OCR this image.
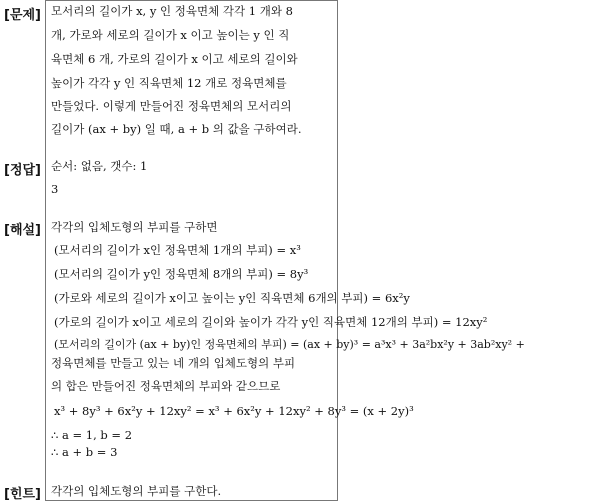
[문제]
[정답]
[해설]
[힌트]
모서리의 길이가 x, y 인 정육면체 각각 1 개와 8
개, 가로와 세로의 길이가 x 이고 높이는 y 인 직
육면체 6 개, 가로의 길이가 x 이고 세로의 길이와
높이가 각각 y 인 직육면체 12 개로 정육면체를
만들었다. 이렇게 만들어진 정육면체의 모서리의
길이가 (ax + by) 일 때, a + b 의 값을 구하여라.
순서: 없음, 갯수: 1
3
각각의 입체도형의 부피를 구하면
(모서리의 길이가 x인 정육면체 1개의 부피) = x³
(모서리의 길이가 y인 정육면체 8개의 부피) = 8y³
(가로와 세로의 길이가 x이고 높이는 y인 직육면체 6개의 부피) = 6x²y
(가로의 길이가 x이고 세로의 길이와 높이가 각각 y인 직육면체 12개의 부피) = 12xy²
(모서리의 길이가 (ax + by)인 정육면체의 부피) = (ax + by)³ = a³x³ + 3a²bx²y + 3ab²xy² +
정육면체를 만들고 있는 네 개의 입체도형의 부피
의 합은 만들어진 정육면체의 부피와 같으므로
x³ + 8y³ + 6x²y + 12xy² = x³ + 6x²y + 12xy² + 8y³ = (x + 2y)³
∴ a = 1, b = 2
∴ a + b = 3
각각의 입체도형의 부피를 구한다.
